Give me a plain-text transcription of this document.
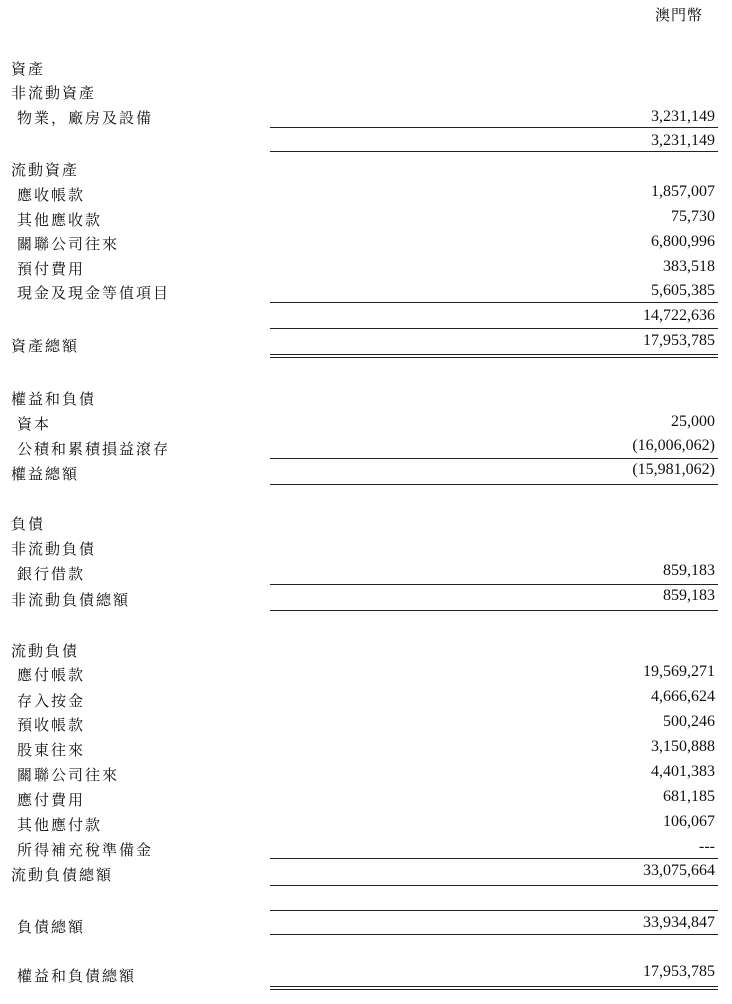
澳門幣
資產
非流動資產
物業，廠房及設備	3,231,149
3,231,149
流動資產
應收帳款	1,857,007
其他應收款	75,730
關聯公司往來	6,800,996
預付費用	383,518
現金及現金等值項目	5,605,385
14,722,636
資產總額	17,953,785
權益和負債
資本	25,000
公積和累積損益滾存	(16,006,062)
權益總額	(15,981,062)
負債
非流動負債
銀行借款	859,183
非流動負債總額	859,183
流動負債
應付帳款	19,569,271
存入按金	4,666,624
預收帳款	500,246
股東往來	3,150,888
關聯公司往來	4,401,383
應付費用	681,185
其他應付款	106,067
所得補充稅準備金	---
流動負債總額	33,075,664
負債總額	33,934,847
權益和負債總額	17,953,785
